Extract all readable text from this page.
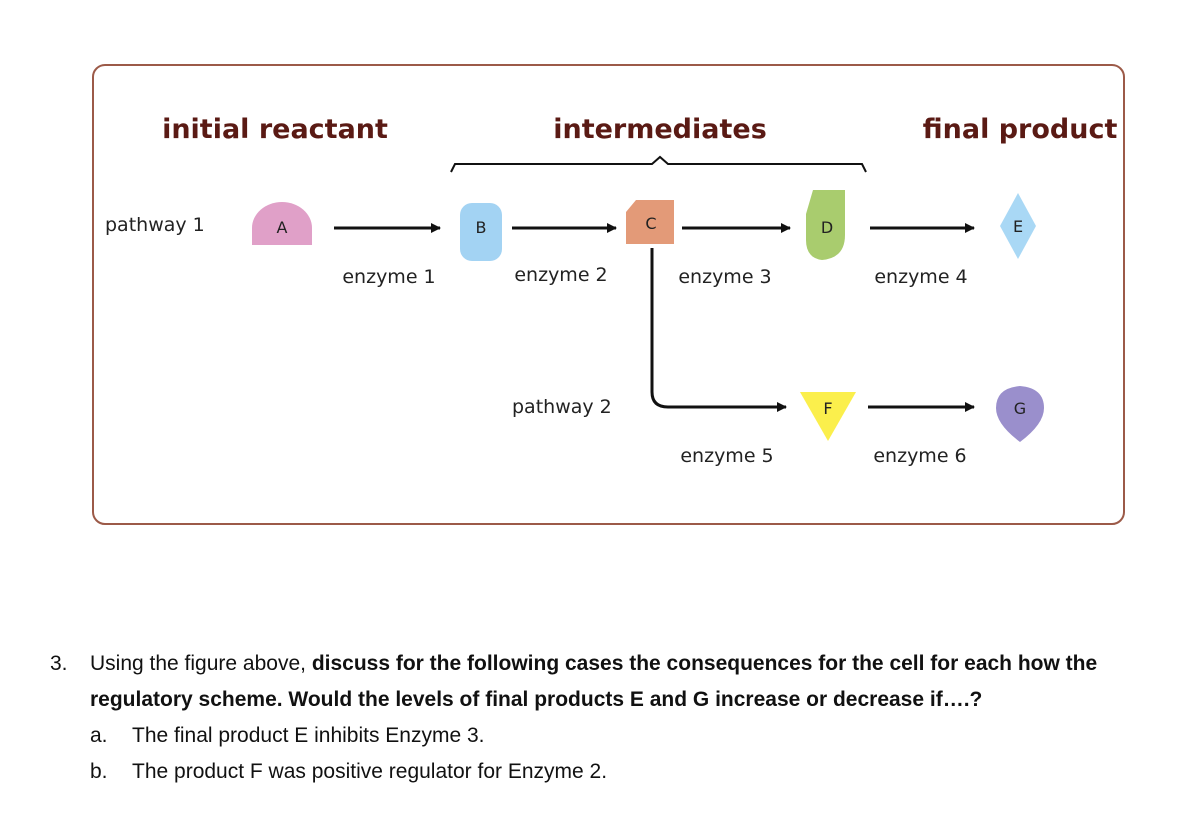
initial reactant	intermediates	final product
pathway 1
pathway 2
A	B	C	D	E
F	G
enzyme 1	enzyme 2	enzyme 3	enzyme 4
enzyme 5	enzyme 6
3.	Using the figure above, discuss for the following cases the consequences for the cell for each how the regulatory scheme. Would the levels of final products E and G increase or decrease if….?
a.	The final product E inhibits Enzyme 3.
b.	The product F was positive regulator for Enzyme 2.
